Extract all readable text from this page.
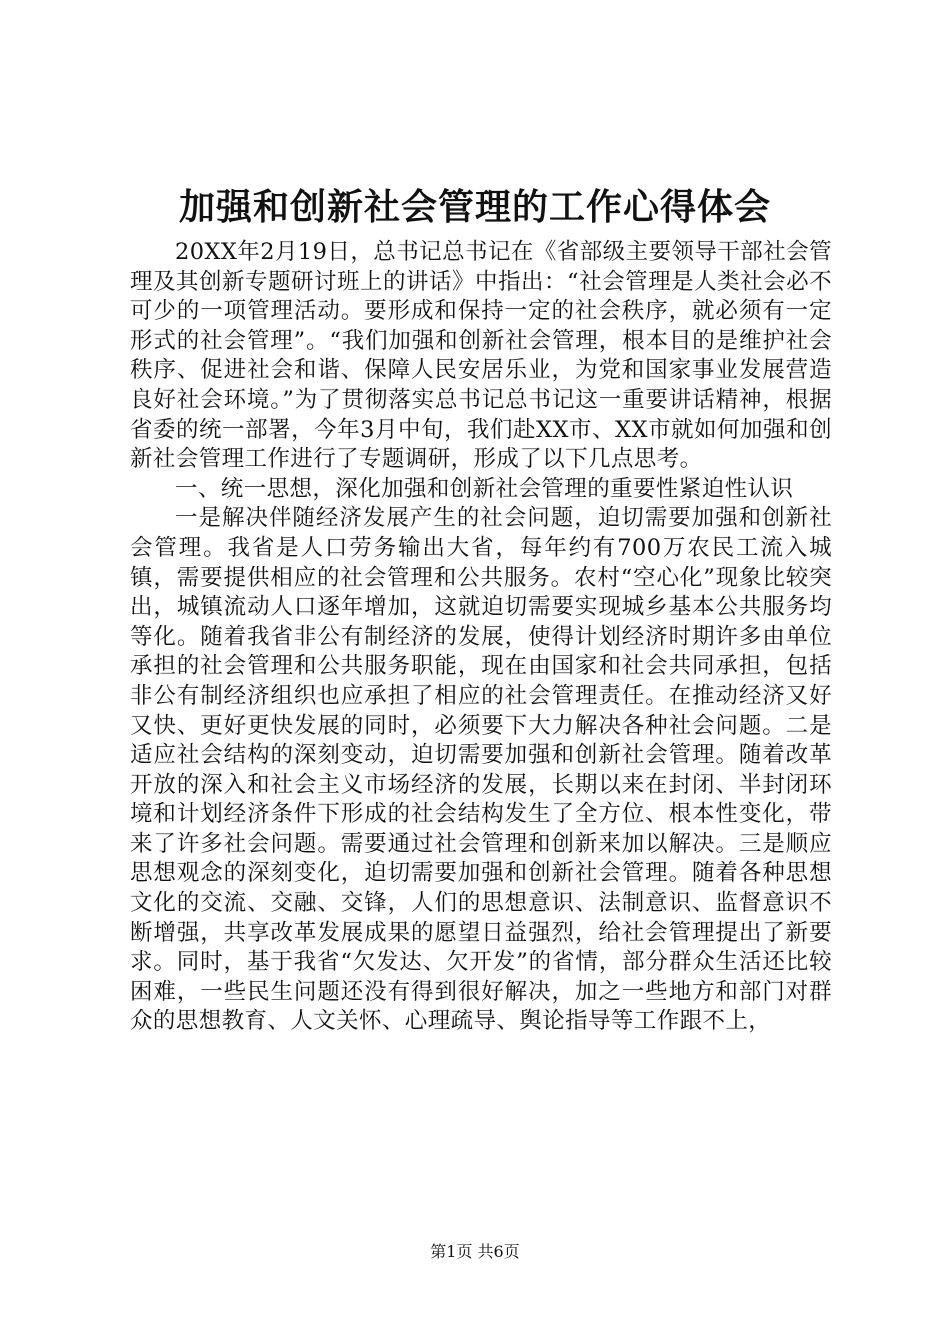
加强和创新社会管理的工作心得体会

20XX年2月19日，总书记总书记在《省部级主要领导干部社会管理及其创新专题研讨班上的讲话》中指出：“社会管理是人类社会必不可少的一项管理活动。要形成和保持一定的社会秩序，就必须有一定形式的社会管理”。“我们加强和创新社会管理，根本目的是维护社会秩序、促进社会和谐、保障人民安居乐业，为党和国家事业发展营造良好社会环境。”为了贯彻落实总书记总书记这一重要讲话精神，根据省委的统一部署，今年3月中旬，我们赴XX市、XX市就如何加强和创新社会管理工作进行了专题调研，形成了以下几点思考。

一、统一思想，深化加强和创新社会管理的重要性紧迫性认识

一是解决伴随经济发展产生的社会问题，迫切需要加强和创新社会管理。我省是人口劳务输出大省，每年约有700万农民工流入城镇，需要提供相应的社会管理和公共服务。农村“空心化”现象比较突出，城镇流动人口逐年增加，这就迫切需要实现城乡基本公共服务均等化。随着我省非公有制经济的发展，使得计划经济时期许多由单位承担的社会管理和公共服务职能，现在由国家和社会共同承担，包括非公有制经济组织也应承担了相应的社会管理责任。在推动经济又好又快、更好更快发展的同时，必须要下大力解决各种社会问题。二是适应社会结构的深刻变动，迫切需要加强和创新社会管理。随着改革开放的深入和社会主义市场经济的发展，长期以来在封闭、半封闭环境和计划经济条件下形成的社会结构发生了全方位、根本性变化，带来了许多社会问题。需要通过社会管理和创新来加以解决。三是顺应思想观念的深刻变化，迫切需要加强和创新社会管理。随着各种思想文化的交流、交融、交锋，人们的思想意识、法制意识、监督意识不断增强，共享改革发展成果的愿望日益强烈，给社会管理提出了新要求。同时，基于我省“欠发达、欠开发”的省情，部分群众生活还比较困难，一些民生问题还没有得到很好解决，加之一些地方和部门对群众的思想教育、人文关怀、心理疏导、舆论指导等工作跟不上，

第1页 共6页
